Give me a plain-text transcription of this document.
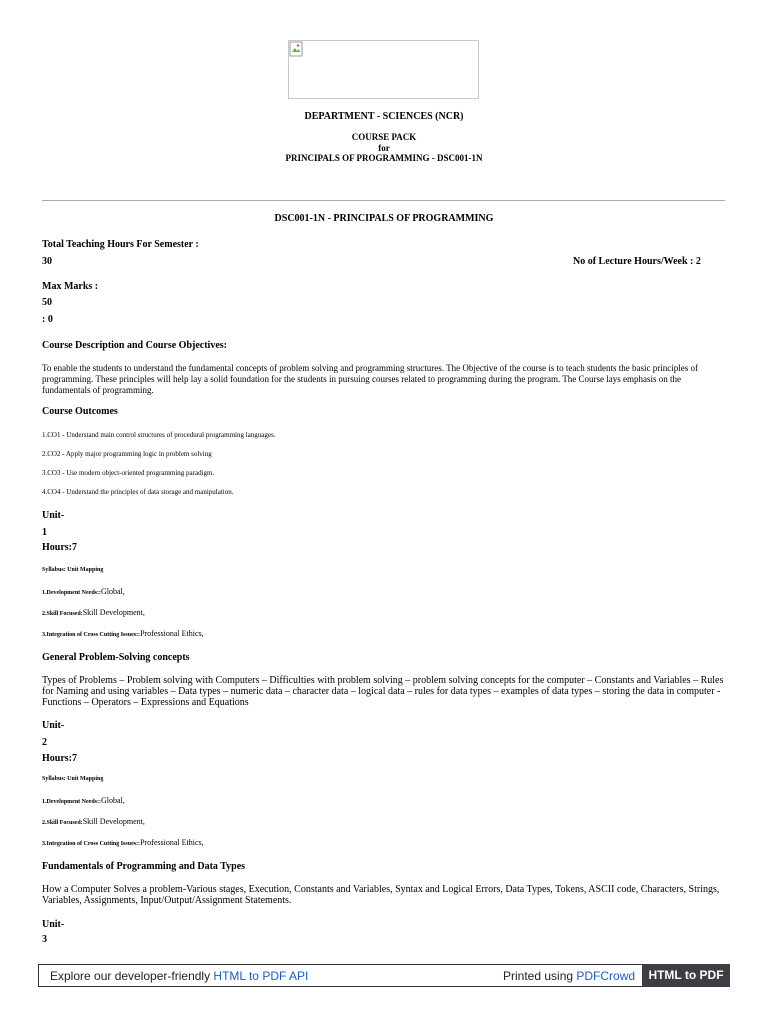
DEPARTMENT - SCIENCES (NCR)
COURSE PACK
for
PRINCIPALS OF PROGRAMMING - DSC001-1N
DSC001-1N - PRINCIPALS OF PROGRAMMING
Total Teaching Hours For Semester :
30	No of Lecture Hours/Week : 2
Max Marks :
50
: 0
Course Description and Course Objectives:
To enable the students to understand the fundamental concepts of problem solving and programming structures. The Objective of the course is to teach students the basic principles of programming. These principles will help lay a solid foundation for the students in pursuing courses related to programming during the program. The Course lays emphasis on the fundamentals of programming.
Course Outcomes
1.CO1 - Understand main control structures of procedural programming languages.
2.CO2 - Apply major programming logic in problem solving
3.CO3 - Use modern object-oriented programming paradigm.
4.CO4 - Understand the principles of data storage and manipulation.
Unit-
1
Hours:7
Syllabus: Unit Mapping
1.Development Needs::Global,
2.Skill Focused:Skill Development,
3.Integration of Cross Cutting Issues::Professional Ethics,
General Problem-Solving concepts
Types of Problems – Problem solving with Computers – Difficulties with problem solving – problem solving concepts for the computer – Constants and Variables – Rules for Naming and using variables – Data types – numeric data – character data – logical data – rules for data types – examples of data types – storing the data in computer - Functions – Operators – Expressions and Equations
Unit-
2
Hours:7
Syllabus: Unit Mapping
1.Development Needs::Global,
2.Skill Focused:Skill Development,
3.Integration of Cross Cutting Issues::Professional Ethics,
Fundamentals of Programming and Data Types
How a Computer Solves a problem-Various stages, Execution, Constants and Variables, Syntax and Logical Errors, Data Types, Tokens, ASCII code, Characters, Strings, Variables, Assignments, Input/Output/Assignment Statements.
Unit-
3
Explore our developer-friendly HTML to PDF API	Printed using PDFCrowd	HTML to PDF
